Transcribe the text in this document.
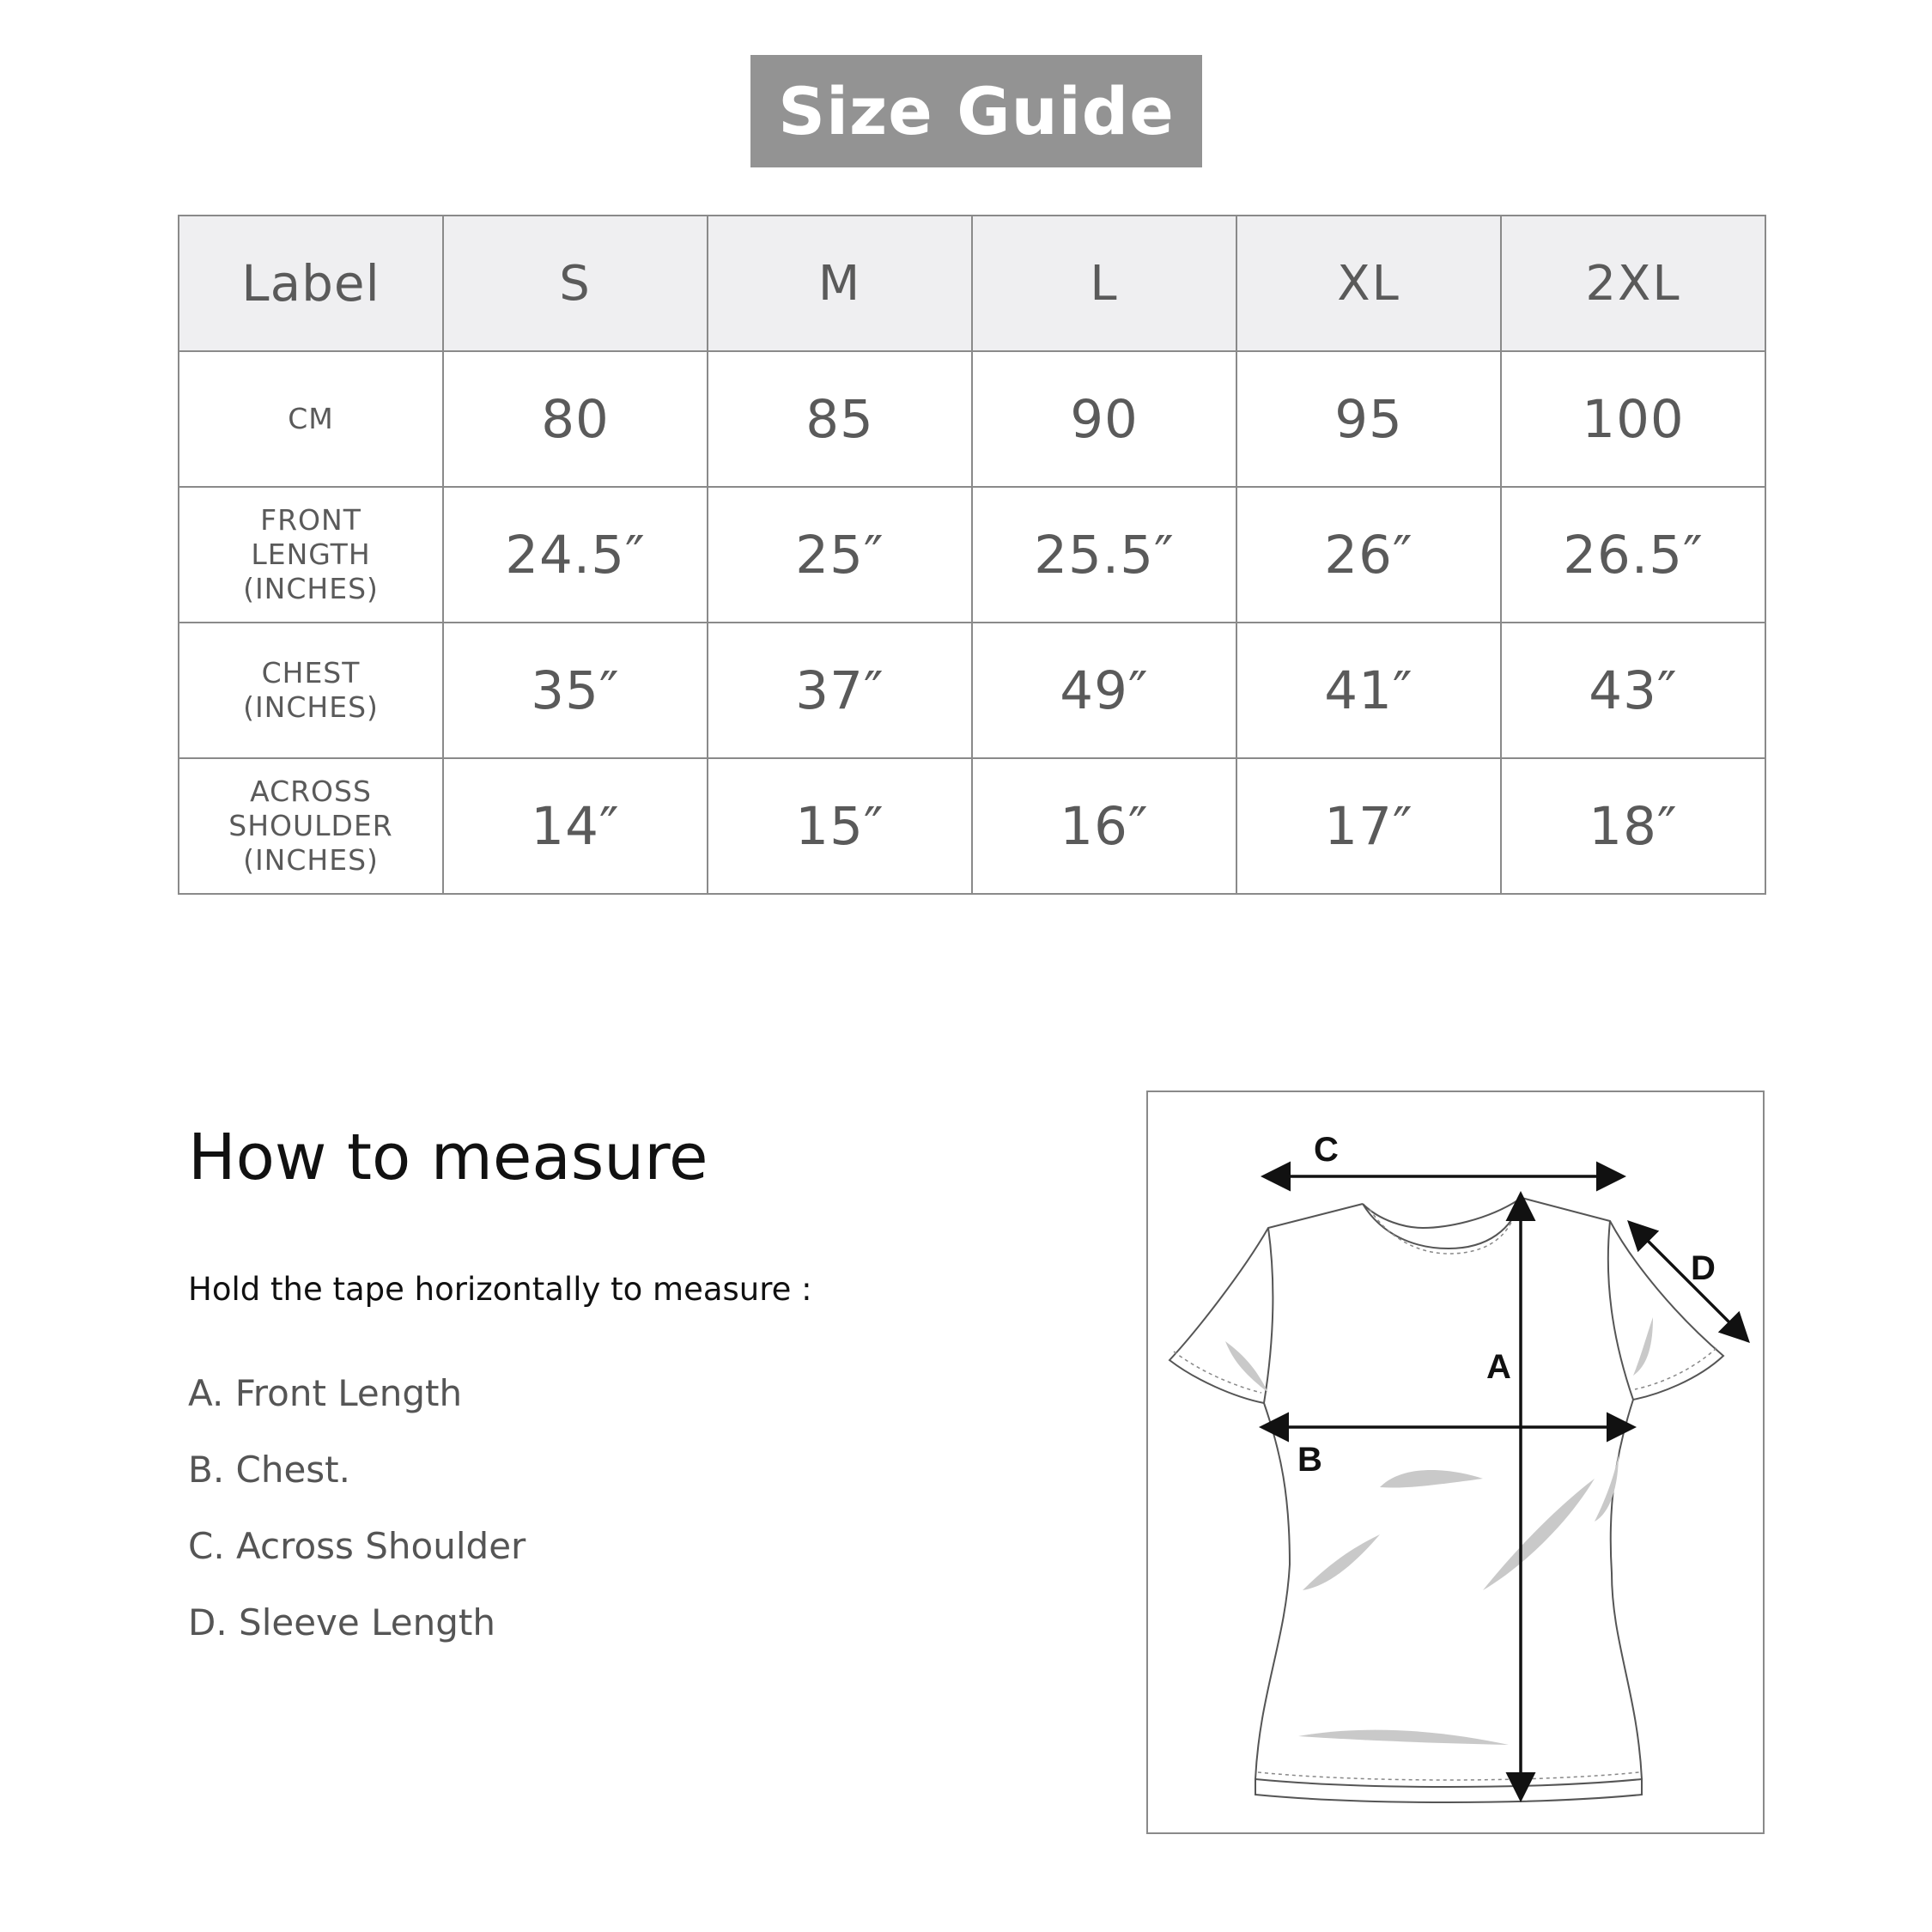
Size Guide
Label	S	M	L	XL	2XL

CM	80	85	90	95	100

FRONT
LENGTH
(INCHES)	24.5″	25″	25.5″	26″	26.5″

CHEST
(INCHES)	35″	37″	49″	41″	43″

ACROSS
SHOULDER
(INCHES)	14″	15″	16″	17″	18″
How to measure
Hold the tape horizontally to measure :
A. Front Length
B. Chest.
C. Across Shoulder
D. Sleeve Length
C
A
B
D
